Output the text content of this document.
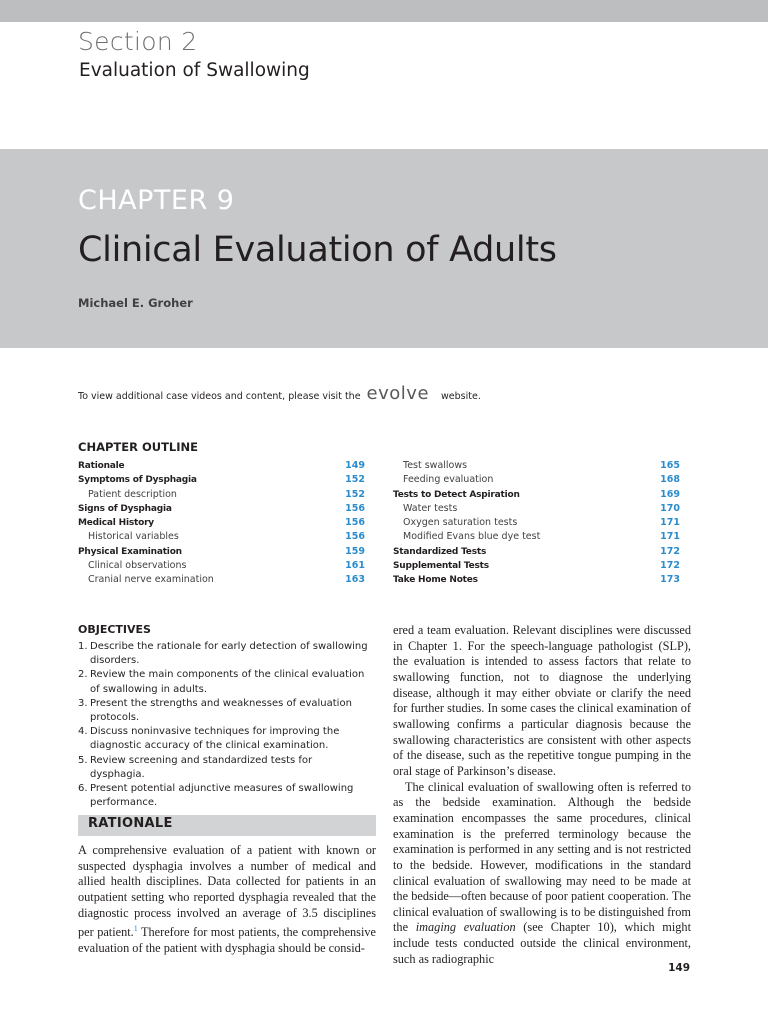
Section 2
Evaluation of Swallowing
CHAPTER 9
Clinical Evaluation of Adults
Michael E. Groher
To view additional case videos and content, please visit the evolve website.
CHAPTER OUTLINE
Rationale	149
Symptoms of Dysphagia	152
Patient description	152
Signs of Dysphagia	156
Medical History	156
Historical variables	156
Physical Examination	159
Clinical observations	161
Cranial nerve examination	163
Test swallows	165
Feeding evaluation	168
Tests to Detect Aspiration	169
Water tests	170
Oxygen saturation tests	171
Modified Evans blue dye test	171
Standardized Tests	172
Supplemental Tests	172
Take Home Notes	173
OBJECTIVES
1. Describe the rationale for early detection of swallowing disorders.
2. Review the main components of the clinical evaluation of swallowing in adults.
3. Present the strengths and weaknesses of evaluation protocols.
4. Discuss noninvasive techniques for improving the diagnostic accuracy of the clinical examination.
5. Review screening and standardized tests for dysphagia.
6. Present potential adjunctive measures of swallowing performance.
RATIONALE

A comprehensive evaluation of a patient with known or suspected dysphagia involves a number of medical and allied health disciplines. Data collected for patients in an outpatient setting who reported dysphagia revealed that the diagnostic process involved an average of 3.5 disciplines per patient.$^1$ Therefore for most patients, the comprehensive evaluation of the patient with dysphagia should be consid-

ered a team evaluation. Relevant disciplines were discussed in Chapter 1. For the speech-language pathologist (SLP), the evaluation is intended to assess factors that relate to swallowing function, not to diagnose the underlying disease, although it may either obviate or clarify the need for further studies. In some cases the clinical examination of swallowing confirms a particular diagnosis because the swallowing characteristics are consistent with other aspects of the disease, such as the repetitive tongue pumping in the oral stage of Parkinson’s disease.

The clinical evaluation of swallowing often is referred to as the bedside examination. Although the bedside examination encompasses the same procedures, clinical examination is the preferred terminology because the examination is performed in any setting and is not restricted to the bedside. However, modifications in the standard clinical evaluation of swallowing may need to be made at the bedside—often because of poor patient cooperation. The clinical evaluation of swallowing is to be distinguished from the imaging evaluation (see Chapter 10), which might include tests conducted outside the clinical environment, such as radiographic

149
